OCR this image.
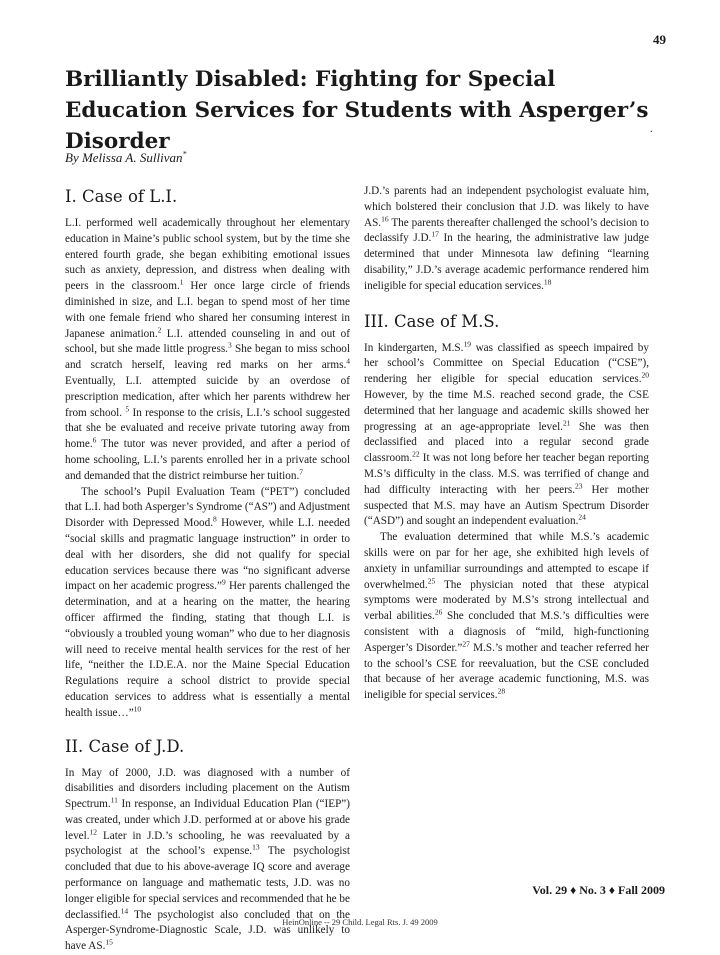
49
Brilliantly Disabled: Fighting for Special Education Services for Students with Asperger’s Disorder	.

By Melissa A. Sullivan*

I. Case of L.I.

L.I. performed well academically throughout her elementary education in Maine’s public school system, but by the time she entered fourth grade, she began exhibiting emotional issues such as anxiety, depression, and distress when dealing with peers in the classroom.$^1$ Her once large circle of friends diminished in size, and L.I. began to spend most of her time with one female friend who shared her consuming interest in Japanese animation.$^2$ L.I. attended counseling in and out of school, but she made little progress.$^3$ She began to miss school and scratch herself, leaving red marks on her arms.$^4$ Eventually, L.I. attempted suicide by an overdose of prescription medication, after which her parents withdrew her from school. $^5$ In response to the crisis, L.I.’s school suggested that she be evaluated and receive private tutoring away from home.$^6$ The tutor was never provided, and after a period of home schooling, L.I.’s parents enrolled her in a private school and demanded that the district reimburse her tuition.$^7$

The school’s Pupil Evaluation Team (“PET”) concluded that L.I. had both Asperger’s Syndrome (“AS”) and Adjustment Disorder with Depressed Mood.$^8$ However, while L.I. needed “social skills and pragmatic language instruction” in order to deal with her disorders, she did not qualify for special education services because there was “no significant adverse impact on her academic progress.”$^9$ Her parents challenged the determination, and at a hearing on the matter, the hearing officer affirmed the finding, stating that though L.I. is “obviously a troubled young woman” who due to her diagnosis will need to receive mental health services for the rest of her life, “neither the I.D.E.A. nor the Maine Special Education Regulations require a school district to provide special education services to address what is essentially a mental health issue…”$^{10}$

II. Case of J.D.

In May of 2000, J.D. was diagnosed with a number of disabilities and disorders including placement on the Autism Spectrum.$^{11}$ In response, an Individual Education Plan (“IEP”) was created, under which J.D. performed at or above his grade level.$^{12}$ Later in J.D.’s schooling, he was reevaluated by a psychologist at the school’s expense.$^{13}$ The psychologist concluded that due to his above-average IQ score and average performance on language and mathematic tests, J.D. was no longer eligible for special services and recommended that he be declassified.$^{14}$ The psychologist also concluded that on the Asperger-Syndrome-Diagnostic Scale, J.D. was unlikely to have AS.$^{15}$

J.D.’s parents had an independent psychologist evaluate him, which bolstered their conclusion that J.D. was likely to have AS.$^{16}$ The parents thereafter challenged the school’s decision to declassify J.D.$^{17}$ In the hearing, the administrative law judge determined that under Minnesota law defining “learning disability,” J.D.’s average academic performance rendered him ineligible for special education services.$^{18}$

III. Case of M.S.

In kindergarten, M.S.$^{19}$ was classified as speech impaired by her school’s Committee on Special Education (“CSE”), rendering her eligible for special education services.$^{20}$ However, by the time M.S. reached second grade, the CSE determined that her language and academic skills showed her progressing at an age-appropriate level.$^{21}$ She was then declassified and placed into a regular second grade classroom.$^{22}$ It was not long before her teacher began reporting M.S’s difficulty in the class. M.S. was terrified of change and had difficulty interacting with her peers.$^{23}$ Her mother suspected that M.S. may have an Autism Spectrum Disorder (“ASD”) and sought an independent evaluation.$^{24}$

The evaluation determined that while M.S.’s academic skills were on par for her age, she exhibited high levels of anxiety in unfamiliar surroundings and attempted to escape if overwhelmed.$^{25}$ The physician noted that these atypical symptoms were moderated by M.S’s strong intellectual and verbal abilities.$^{26}$ She concluded that M.S.’s difficulties were consistent with a diagnosis of “mild, high-functioning Asperger’s Disorder.”$^{27}$ M.S.’s mother and teacher referred her to the school’s CSE for reevaluation, but the CSE concluded that because of her average academic functioning, M.S. was ineligible for special services.$^{28}$

Vol. 29 ♦ No. 3 ♦ Fall 2009
HeinOnline -- 29 Child. Legal Rts. J. 49 2009
